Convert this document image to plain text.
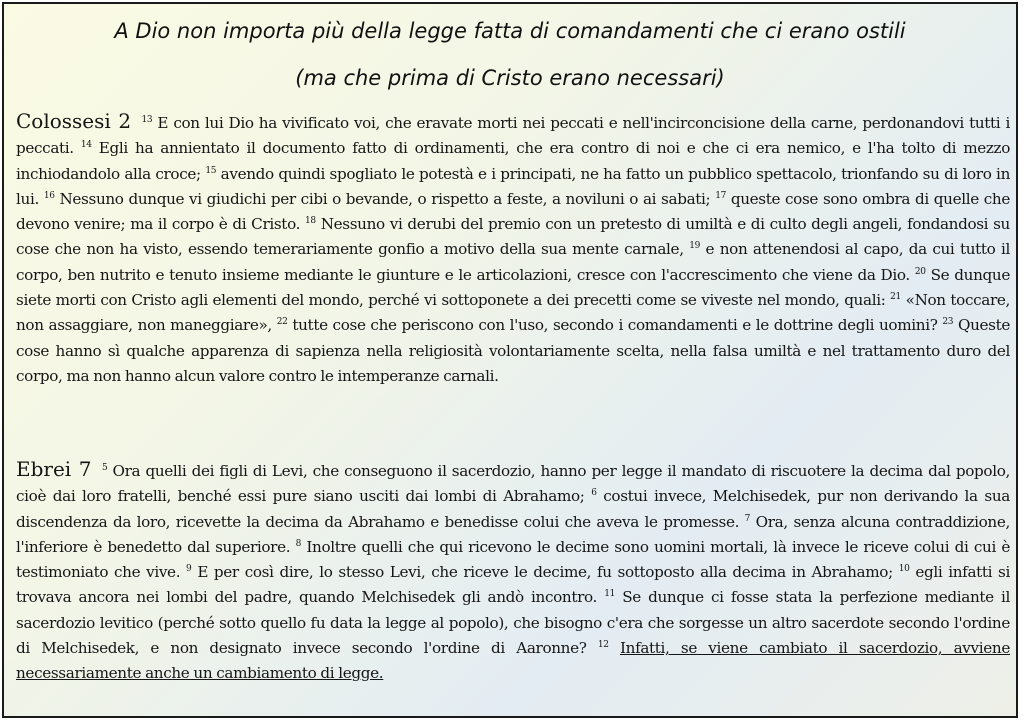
A Dio non importa più della legge fatta di comandamenti che ci erano ostili
(ma che prima di Cristo erano necessari)
Colossesi 2 $^{13}$ E con lui Dio ha vivificato voi, che eravate morti nei peccati e nell'incirconcisione della carne, perdonandovi tutti i peccati. $^{14}$ Egli ha annientato il documento fatto di ordinamenti, che era contro di noi e che ci era nemico, e l'ha tolto di mezzo inchiodandolo alla croce; $^{15}$ avendo quindi spogliato le potestà e i principati, ne ha fatto un pubblico spettacolo, trionfando su di loro in lui. $^{16}$ Nessuno dunque vi giudichi per cibi o bevande, o rispetto a feste, a noviluni o ai sabati; $^{17}$ queste cose sono ombra di quelle che devono venire; ma il corpo è di Cristo. $^{18}$ Nessuno vi derubi del premio con un pretesto di umiltà e di culto degli angeli, fondandosi su cose che non ha visto, essendo temerariamente gonfio a motivo della sua mente carnale, $^{19}$ e non attenendosi al capo, da cui tutto il corpo, ben nutrito e tenuto insieme mediante le giunture e le articolazioni, cresce con l'accrescimento che viene da Dio. $^{20}$ Se dunque siete morti con Cristo agli elementi del mondo, perché vi sottoponete a dei precetti come se viveste nel mondo, quali: $^{21}$ «Non toccare, non assaggiare, non maneggiare», $^{22}$ tutte cose che periscono con l'uso, secondo i comandamenti e le dottrine degli uomini? $^{23}$ Queste cose hanno sì qualche apparenza di sapienza nella religiosità volontariamente scelta, nella falsa umiltà e nel trattamento duro del corpo, ma non hanno alcun valore contro le intemperanze carnali.
Ebrei 7 $^5$ Ora quelli dei figli di Levi, che conseguono il sacerdozio, hanno per legge il mandato di riscuotere la decima dal popolo, cioè dai loro fratelli, benché essi pure siano usciti dai lombi di Abrahamo; $^6$ costui invece, Melchisedek, pur non derivando la sua discendenza da loro, ricevette la decima da Abrahamo e benedisse colui che aveva le promesse. $^7$ Ora, senza alcuna contraddizione, l'inferiore è benedetto dal superiore. $^8$ Inoltre quelli che qui ricevono le decime sono uomini mortali, là invece le riceve colui di cui è testimoniato che vive. $^9$ E per così dire, lo stesso Levi, che riceve le decime, fu sottoposto alla decima in Abrahamo; $^{10}$ egli infatti si trovava ancora nei lombi del padre, quando Melchisedek gli andò incontro. $^{11}$ Se dunque ci fosse stata la perfezione mediante il sacerdozio levitico (perché sotto quello fu data la legge al popolo), che bisogno c'era che sorgesse un altro sacerdote secondo l'ordine di Melchisedek, e non designato invece secondo l'ordine di Aaronne? $^{12}$ Infatti, se viene cambiato il sacerdozio, avviene necessariamente anche un cambiamento di legge.
